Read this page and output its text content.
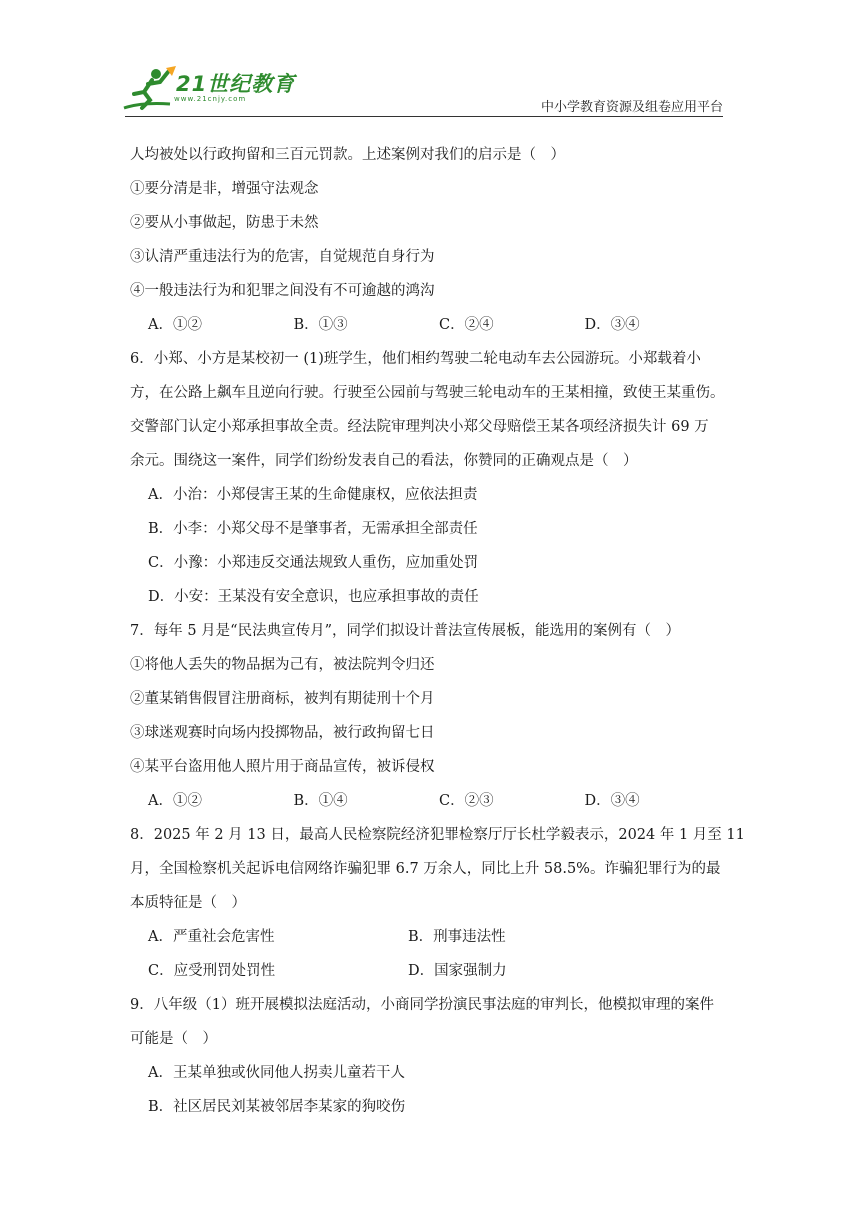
21世纪教育
www.21cnjy.com
中小学教育资源及组卷应用平台
人均被处以行政拘留和三百元罚款。上述案例对我们的启示是（　）
①要分清是非，增强守法观念
②要从小事做起，防患于未然
③认清严重违法行为的危害，自觉规范自身行为
④一般违法行为和犯罪之间没有不可逾越的鸿沟
A．①②	B．①③	C．②④	D．③④
6．小郑、小方是某校初一 (1)班学生，他们相约驾驶二轮电动车去公园游玩。小郑载着小
方，在公路上飙车且逆向行驶。行驶至公园前与驾驶三轮电动车的王某相撞，致使王某重伤。
交警部门认定小郑承担事故全责。经法院审理判决小郑父母赔偿王某各项经济损失计 69 万
余元。围绕这一案件，同学们纷纷发表自己的看法，你赞同的正确观点是（　）
A．小治：小郑侵害王某的生命健康权，应依法担责
B．小李：小郑父母不是肇事者，无需承担全部责任
C．小豫：小郑违反交通法规致人重伤，应加重处罚
D．小安：王某没有安全意识，也应承担事故的责任
7．每年 5 月是“民法典宣传月”，同学们拟设计普法宣传展板，能选用的案例有（　）
①将他人丢失的物品据为己有，被法院判令归还
②董某销售假冒注册商标，被判有期徒刑十个月
③球迷观赛时向场内投掷物品，被行政拘留七日
④某平台盗用他人照片用于商品宣传，被诉侵权
A．①②	B．①④	C．②③	D．③④
8．2025 年 2 月 13 日，最高人民检察院经济犯罪检察厅厅长杜学毅表示，2024 年 1 月至 11
月，全国检察机关起诉电信网络诈骗犯罪 6.7 万余人，同比上升 58.5%。诈骗犯罪行为的最
本质特征是（　）
A．严重社会危害性	B．刑事违法性
C．应受刑罚处罚性	D．国家强制力
9．八年级（1）班开展模拟法庭活动，小商同学扮演民事法庭的审判长，他模拟审理的案件
可能是（　）
A．王某单独或伙同他人拐卖儿童若干人
B．社区居民刘某被邻居李某家的狗咬伤
